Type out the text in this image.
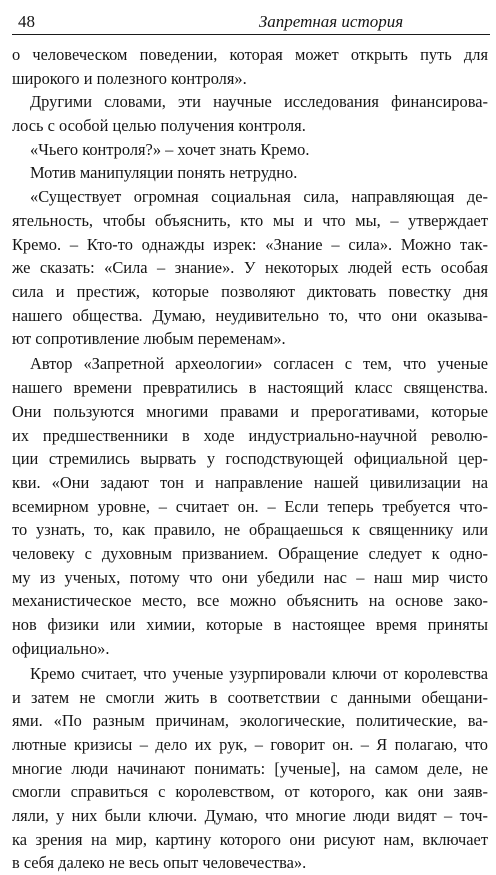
48	Запретная история
о человеческом поведении, которая может открыть путь для
широкого и полезного контроля».
Другими словами, эти научные исследования финансирова-
лось с особой целью получения контроля.
«Чьего контроля?» – хочет знать Кремо.
Мотив манипуляции понять нетрудно.
«Существует огромная социальная сила, направляющая де-
ятельность, чтобы объяснить, кто мы и что мы, – утверждает
Кремо. – Кто-то однажды изрек: «Знание – сила». Можно так-
же сказать: «Сила – знание». У некоторых людей есть особая
сила и престиж, которые позволяют диктовать повестку дня
нашего общества. Думаю, неудивительно то, что они оказыва-
ют сопротивление любым переменам».
Автор «Запретной археологии» согласен с тем, что ученые
нашего времени превратились в настоящий класс священства.
Они пользуются многими правами и прерогативами, которые
их предшественники в ходе индустриально-научной револю-
ции стремились вырвать у господствующей официальной цер-
кви. «Они задают тон и направление нашей цивилизации на
всемирном уровне, – считает он. – Если теперь требуется что-
то узнать, то, как правило, не обращаешься к священнику или
человеку с духовным призванием. Обращение следует к одно-
му из ученых, потому что они убедили нас – наш мир чисто
механистическое место, все можно объяснить на основе зако-
нов физики или химии, которые в настоящее время приняты
официально».
Кремо считает, что ученые узурпировали ключи от королевства
и затем не смогли жить в соответствии с данными обещани-
ями. «По разным причинам, экологические, политические, ва-
лютные кризисы – дело их рук, – говорит он. – Я полагаю, что
многие люди начинают понимать: [ученые], на самом деле, не
смогли справиться с королевством, от которого, как они заяв-
ляли, у них были ключи. Думаю, что многие люди видят – точ-
ка зрения на мир, картину которого они рисуют нам, включает
в себя далеко не весь опыт человечества».
